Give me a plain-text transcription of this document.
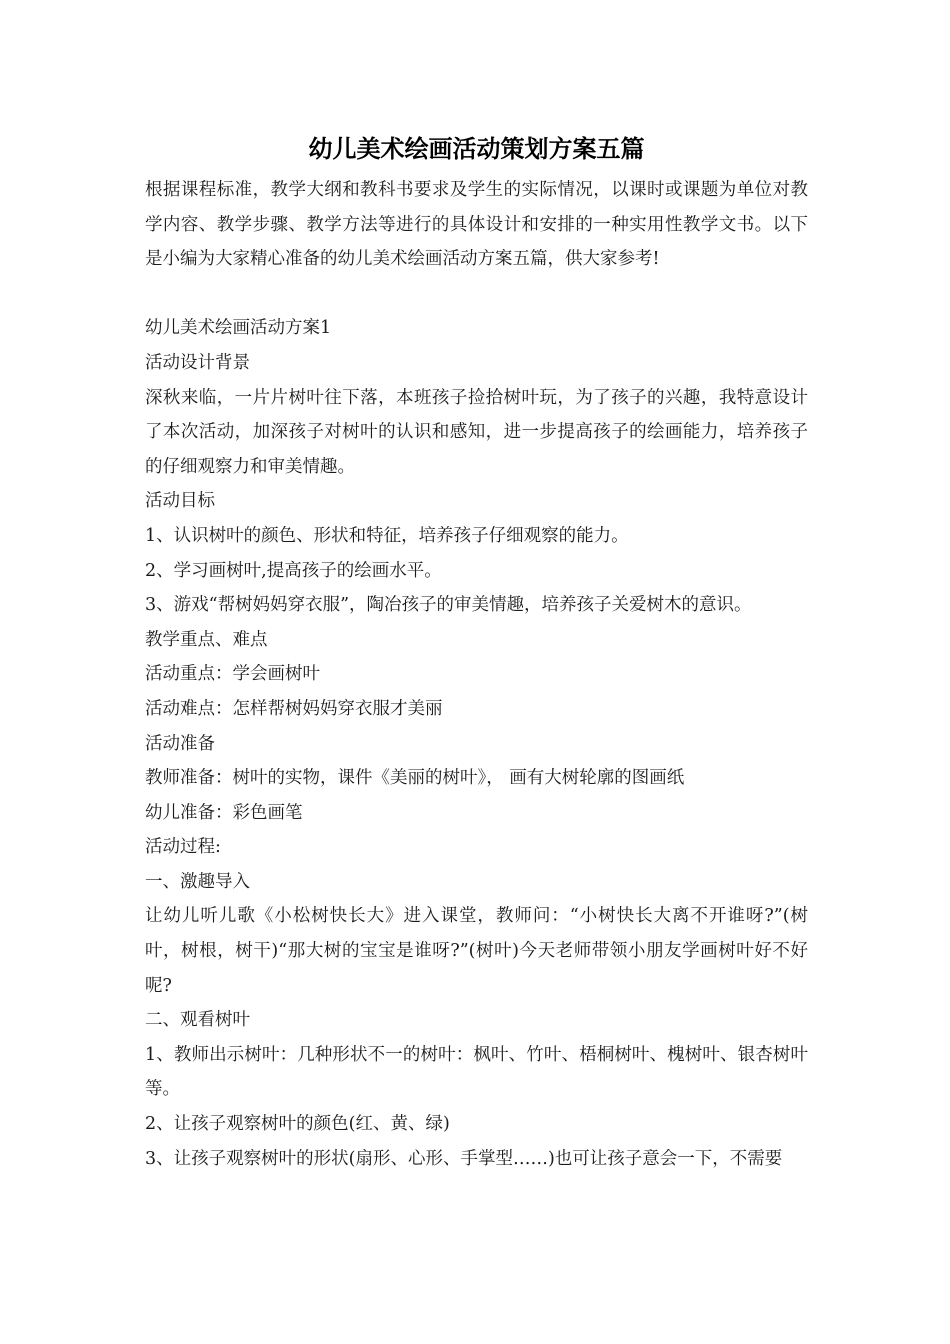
幼儿美术绘画活动策划方案五篇

根据课程标准，教学大纲和教科书要求及学生的实际情况，以课时或课题为单位对教学内容、教学步骤、教学方法等进行的具体设计和安排的一种实用性教学文书。以下是小编为大家精心准备的幼儿美术绘画活动方案五篇，供大家参考!

幼儿美术绘画活动方案1

活动设计背景

深秋来临，一片片树叶往下落，本班孩子捡拾树叶玩，为了孩子的兴趣，我特意设计了本次活动，加深孩子对树叶的认识和感知，进一步提高孩子的绘画能力，培养孩子的仔细观察力和审美情趣。

活动目标

1、认识树叶的颜色、形状和特征，培养孩子仔细观察的能力。

2、学习画树叶,提高孩子的绘画水平。

3、游戏“帮树妈妈穿衣服”，陶冶孩子的审美情趣，培养孩子关爱树木的意识。

教学重点、难点

活动重点：学会画树叶

活动难点：怎样帮树妈妈穿衣服才美丽

活动准备

教师准备：树叶的实物，课件《美丽的树叶》， 画有大树轮廓的图画纸

幼儿准备：彩色画笔

活动过程:

一、激趣导入

让幼儿听儿歌《小松树快长大》进入课堂，教师问：“小树快长大离不开谁呀?”(树叶，树根，树干)“那大树的宝宝是谁呀?”(树叶)今天老师带领小朋友学画树叶好不好呢?

二、观看树叶

1、教师出示树叶：几种形状不一的树叶：枫叶、竹叶、梧桐树叶、槐树叶、银杏树叶等。

2、让孩子观察树叶的颜色(红、黄、绿)

3、让孩子观察树叶的形状(扇形、心形、手掌型……)也可让孩子意会一下，不需要
